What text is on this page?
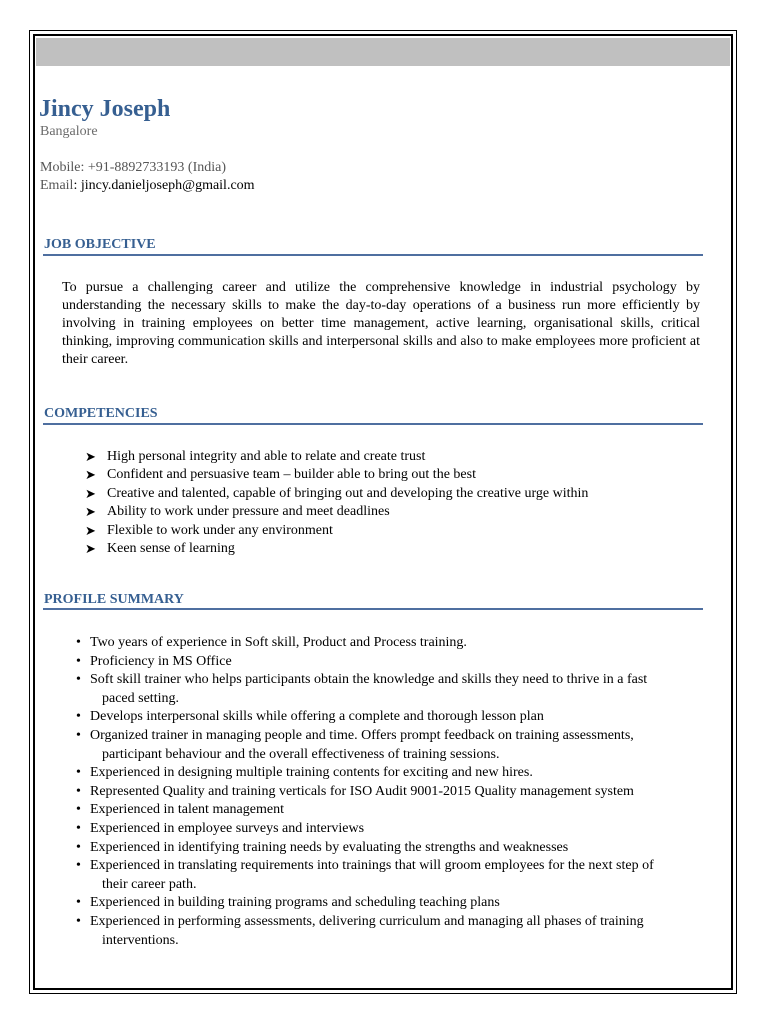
Jincy Joseph
Bangalore
Mobile: +91-8892733193 (India)
Email: jincy.danieljoseph@gmail.com
JOB OBJECTIVE

To pursue a challenging career and utilize the comprehensive knowledge in industrial psychology by understanding the necessary skills to make the day-to-day operations of a business run more efficiently by involving in training employees on better time management, active learning, organisational skills, critical thinking, improving communication skills and interpersonal skills and also to make employees more proficient at their career.

COMPETENCIES
➤ High personal integrity and able to relate and create trust
➤ Confident and persuasive team – builder able to bring out the best
➤ Creative and talented, capable of bringing out and developing the creative urge within
➤ Ability to work under pressure and meet deadlines
➤ Flexible to work under any environment
➤ Keen sense of learning
PROFILE SUMMARY
• Two years of experience in Soft skill, Product and Process training.
• Proficiency in MS Office
• Soft skill trainer who helps participants obtain the knowledge and skills they need to thrive in a fast
paced setting.
• Develops interpersonal skills while offering a complete and thorough lesson plan
• Organized trainer in managing people and time. Offers prompt feedback on training assessments,
participant behaviour and the overall effectiveness of training sessions.
• Experienced in designing multiple training contents for exciting and new hires.
• Represented Quality and training verticals for ISO Audit 9001-2015 Quality management system
• Experienced in talent management
• Experienced in employee surveys and interviews
• Experienced in identifying training needs by evaluating the strengths and weaknesses
• Experienced in translating requirements into trainings that will groom employees for the next step of
their career path.
• Experienced in building training programs and scheduling teaching plans
• Experienced in performing assessments, delivering curriculum and managing all phases of training
interventions.
